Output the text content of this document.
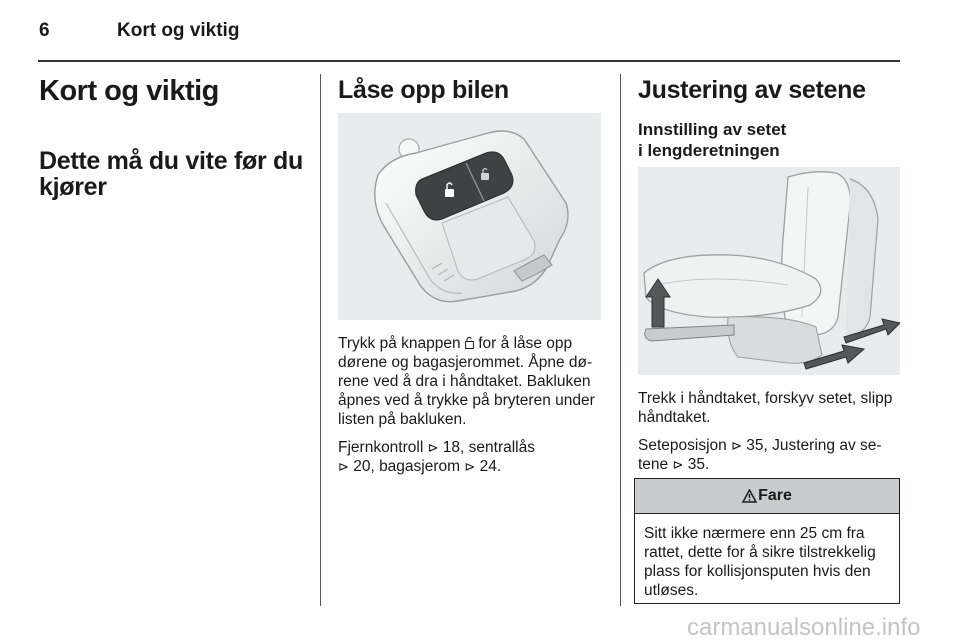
6	Kort og viktig
Kort og viktig
Dette må du vite før du kjører
Låse opp bilen

Trykk på knappen  for å låse opp
dørene og bagasjerommet. Åpne dø-
rene ved å dra i håndtaket. Bakluken
åpnes ved å trykke på bryteren under
listen på bakluken.

Fjernkontroll ⊳ 18, sentrallås
⊳ 20, bagasjerom ⊳ 24.

Justering av setene
Innstilling av setet
i lengderetningen

Trekk i håndtaket, forskyv setet, slipp
håndtaket.

Seteposisjon ⊳ 35, Justering av se-
tene ⊳ 35.

Fare
Sitt ikke nærmere enn 25 cm fra
rattet, dette for å sikre tilstrekkelig
plass for kollisjonsputen hvis den
utløses.
carmanualsonline.info
